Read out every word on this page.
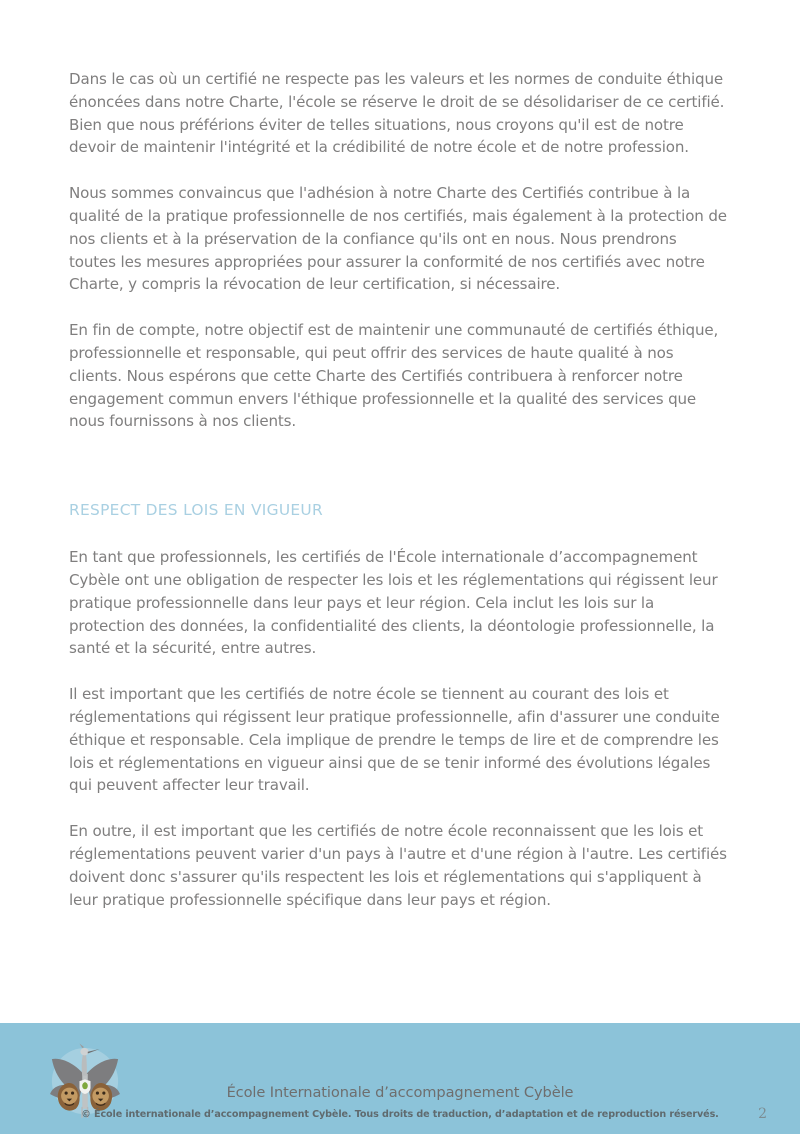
Dans le cas où un certifié ne respecte pas les valeurs et les normes de conduite éthique énoncées dans notre Charte, l'école se réserve le droit de se désolidariser de ce certifié. Bien que nous préférions éviter de telles situations, nous croyons qu'il est de notre devoir de maintenir l'intégrité et la crédibilité de notre école et de notre profession.

Nous sommes convaincus que l'adhésion à notre Charte des Certifiés contribue à la qualité de la pratique professionnelle de nos certifiés, mais également à la protection de nos clients et à la préservation de la confiance qu'ils ont en nous. Nous prendrons toutes les mesures appropriées pour assurer la conformité de nos certifiés avec notre Charte, y compris la révocation de leur certification, si nécessaire.

En fin de compte, notre objectif est de maintenir une communauté de certifiés éthique, professionnelle et responsable, qui peut offrir des services de haute qualité à nos clients. Nous espérons que cette Charte des Certifiés contribuera à renforcer notre engagement commun envers l'éthique professionnelle et la qualité des services que nous fournissons à nos clients.

RESPECT DES LOIS EN VIGUEUR

En tant que professionnels, les certifiés de l'École internationale d’accompagnement Cybèle ont une obligation de respecter les lois et les réglementations qui régissent leur pratique professionnelle dans leur pays et leur région. Cela inclut les lois sur la protection des données, la confidentialité des clients, la déontologie professionnelle, la santé et la sécurité, entre autres.

Il est important que les certifiés de notre école se tiennent au courant des lois et réglementations qui régissent leur pratique professionnelle, afin d'assurer une conduite éthique et responsable. Cela implique de prendre le temps de lire et de comprendre les lois et réglementations en vigueur ainsi que de se tenir informé des évolutions légales qui peuvent affecter leur travail.

En outre, il est important que les certifiés de notre école reconnaissent que les lois et réglementations peuvent varier d'un pays à l'autre et d'une région à l'autre. Les certifiés doivent donc s'assurer qu'ils respectent les lois et réglementations qui s'appliquent à leur pratique professionnelle spécifique dans leur pays et région.

École Internationale d’accompagnement Cybèle
© École internationale d’accompagnement Cybèle. Tous droits de traduction, d’adaptation et de reproduction réservés.	2
